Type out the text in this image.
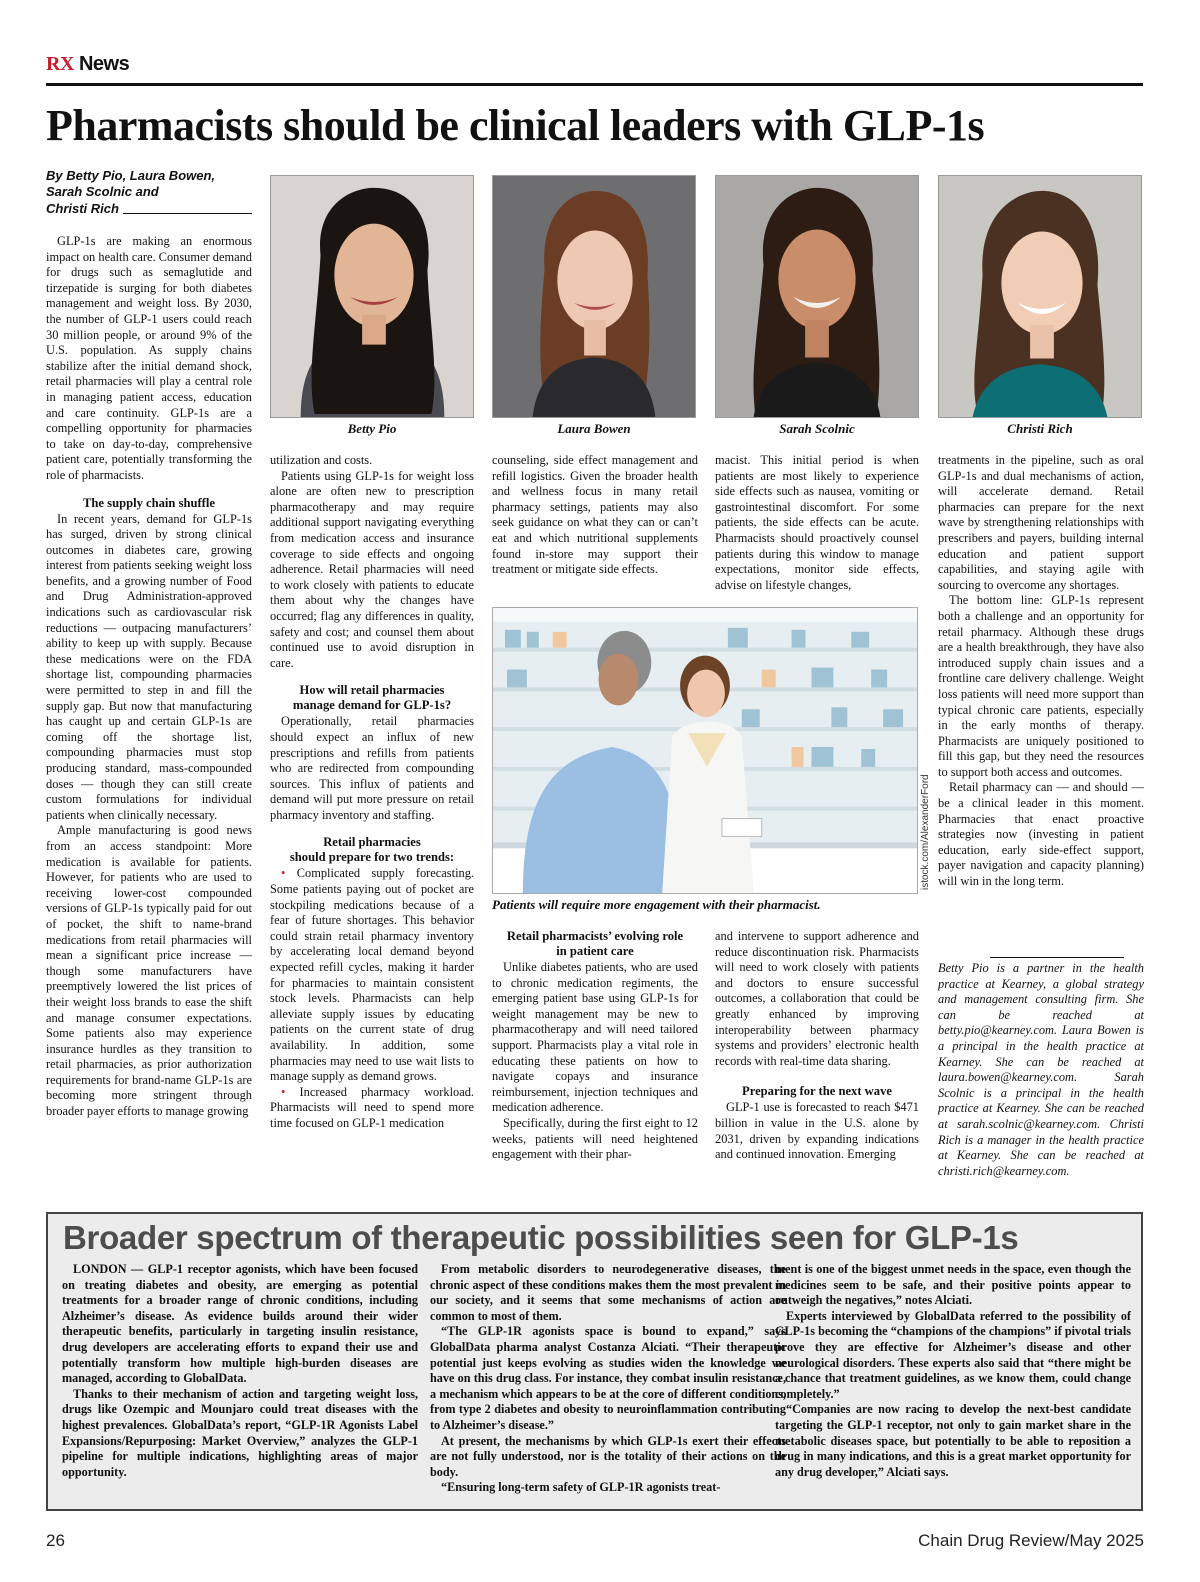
RX News
Pharmacists should be clinical leaders with GLP-1s
By Betty Pio, Laura Bowen,
Sarah Scolnic and
Christi Rich
Betty Pio	Laura Bowen	Sarah Scolnic	Christi Rich

GLP-1s are making an enormous impact on health care. Consumer demand for drugs such as semaglutide and tirzepatide is surging for both diabetes management and weight loss. By 2030, the number of GLP-1 users could reach 30 million people, or around 9% of the U.S. population. As supply chains stabilize after the initial demand shock, retail pharmacies will play a central role in managing patient access, education and care continuity. GLP-1s are a compelling opportunity for pharmacies to take on day-to-day, comprehensive patient care, potentially transforming the role of pharmacists.

The supply chain shuffle

In recent years, demand for GLP-1s has surged, driven by strong clinical outcomes in diabetes care, growing interest from patients seeking weight loss benefits, and a growing number of Food and Drug Administration-approved indications such as cardiovascular risk reductions — outpacing manufacturers’ ability to keep up with supply. Because these medications were on the FDA shortage list, compounding pharmacies were permitted to step in and fill the supply gap. But now that manufacturing has caught up and certain GLP-1s are coming off the shortage list, compounding pharmacies must stop producing standard, mass-compounded doses — though they can still create custom formulations for individual patients when clinically necessary.

Ample manufacturing is good news from an access standpoint: More medication is available for patients. However, for patients who are used to receiving lower-cost compounded versions of GLP-1s typically paid for out of pocket, the shift to name-brand medications from retail pharmacies will mean a significant price increase — though some manufacturers have preemptively lowered the list prices of their weight loss brands to ease the shift and manage consumer expectations. Some patients also may experience insurance hurdles as they transition to retail pharmacies, as prior authorization requirements for brand-name GLP-1s are becoming more stringent through broader payer efforts to manage growing

utilization and costs.

Patients using GLP-1s for weight loss alone are often new to prescription pharmacotherapy and may require additional support navigating everything from medication access and insurance coverage to side effects and ongoing adherence. Retail pharmacies will need to work closely with patients to educate them about why the changes have occurred; flag any differences in quality, safety and cost; and counsel them about continued use to avoid disruption in care.

How will retail pharmacies
manage demand for GLP-1s?

Operationally, retail pharmacies should expect an influx of new prescriptions and refills from patients who are redirected from compounding sources. This influx of patients and demand will put more pressure on retail pharmacy inventory and staffing.

Retail pharmacies
should prepare for two trends:

• Complicated supply forecasting. Some patients paying out of pocket are stockpiling medications because of a fear of future shortages. This behavior could strain retail pharmacy inventory by accelerating local demand beyond expected refill cycles, making it harder for pharmacies to maintain consistent stock levels. Pharmacists can help alleviate supply issues by educating patients on the current state of drug availability. In addition, some pharmacies may need to use wait lists to manage supply as demand grows.

• Increased pharmacy workload. Pharmacists will need to spend more time focused on GLP-1 medication

counseling, side effect management and refill logistics. Given the broader health and wellness focus in many retail pharmacy settings, patients may also seek guidance on what they can or can’t eat and which nutritional supplements found in-store may support their treatment or mitigate side effects.

macist. This initial period is when patients are most likely to experience side effects such as nausea, vomiting or gastrointestinal discomfort. For some patients, the side effects can be acute. Pharmacists should proactively counsel patients during this window to manage expectations, monitor side effects, advise on lifestyle changes,

istock.com/AlexanderFord
Patients will require more engagement with their pharmacist.
Retail pharmacists’ evolving role
in patient care

Unlike diabetes patients, who are used to chronic medication regiments, the emerging patient base using GLP-1s for weight management may be new to pharmacotherapy and will need tailored support. Pharmacists play a vital role in educating these patients on how to navigate copays and insurance reimbursement, injection techniques and medication adherence.

Specifically, during the first eight to 12 weeks, patients will need heightened engagement with their phar-

and intervene to support adherence and reduce discontinuation risk. Pharmacists will need to work closely with patients and doctors to ensure successful outcomes, a collaboration that could be greatly enhanced by improving interoperability between pharmacy systems and providers’ electronic health records with real-time data sharing.

Preparing for the next wave

GLP-1 use is forecasted to reach $471 billion in value in the U.S. alone by 2031, driven by expanding indications and continued innovation. Emerging

treatments in the pipeline, such as oral GLP-1s and dual mechanisms of action, will accelerate demand. Retail pharmacies can prepare for the next wave by strengthening relationships with prescribers and payers, building internal education and patient support capabilities, and staying agile with sourcing to overcome any shortages.

The bottom line: GLP-1s represent both a challenge and an opportunity for retail pharmacy. Although these drugs are a health breakthrough, they have also introduced supply chain issues and a frontline care delivery challenge. Weight loss patients will need more support than typical chronic care patients, especially in the early months of therapy. Pharmacists are uniquely positioned to fill this gap, but they need the resources to support both access and outcomes.

Retail pharmacy can — and should — be a clinical leader in this moment. Pharmacies that enact proactive strategies now (investing in patient education, early side-effect support, payer navigation and capacity planning) will win in the long term.

Betty Pio is a partner in the health practice at Kearney, a global strategy and management consulting firm. She can be reached at betty.pio@kearney.com. Laura Bowen is a principal in the health practice at Kearney. She can be reached at laura.bowen@kearney.com. Sarah Scolnic is a principal in the health practice at Kearney. She can be reached at sarah.scolnic@kearney.com. Christi Rich is a manager in the health practice at Kearney. She can be reached at christi.rich@kearney.com.
Broader spectrum of therapeutic possibilities seen for GLP-1s

LONDON — GLP-1 receptor agonists, which have been focused on treating diabetes and obesity, are emerging as potential treatments for a broader range of chronic conditions, including Alzheimer’s disease. As evidence builds around their wider therapeutic benefits, particularly in targeting insulin resistance, drug developers are accelerating efforts to expand their use and potentially transform how multiple high-burden diseases are managed, according to GlobalData.

Thanks to their mechanism of action and targeting weight loss, drugs like Ozempic and Mounjaro could treat diseases with the highest prevalences. GlobalData’s report, “GLP-1R Agonists Label Expansions/Repurposing: Market Overview,” analyzes the GLP-1 pipeline for multiple indications, highlighting areas of major opportunity.

From metabolic disorders to neurodegenerative diseases, the chronic aspect of these conditions makes them the most prevalent in our society, and it seems that some mechanisms of action are common to most of them.

“The GLP-1R agonists space is bound to expand,” says GlobalData pharma analyst Costanza Alciati. “Their therapeutic potential just keeps evolving as studies widen the knowledge we have on this drug class. For instance, they combat insulin resistance, a mechanism which appears to be at the core of different conditions, from type 2 diabetes and obesity to neuroinflammation contributing to Alzheimer’s disease.”

At present, the mechanisms by which GLP-1s exert their effects are not fully understood, nor is the totality of their actions on the body.

“Ensuring long-term safety of GLP-1R agonists treat-

ment is one of the biggest unmet needs in the space, even though the medicines seem to be safe, and their positive points appear to outweigh the negatives,” notes Alciati.

Experts interviewed by GlobalData referred to the possibility of GLP-1s becoming the “champions of the champions” if pivotal trials prove they are effective for Alzheimer’s disease and other neurological disorders. These experts also said that “there might be a chance that treatment guidelines, as we know them, could change completely.”

“Companies are now racing to develop the next-best candidate targeting the GLP-1 receptor, not only to gain market share in the metabolic diseases space, but potentially to be able to reposition a drug in many indications, and this is a great market opportunity for any drug developer,” Alciati says.

26	Chain Drug Review/May 2025
